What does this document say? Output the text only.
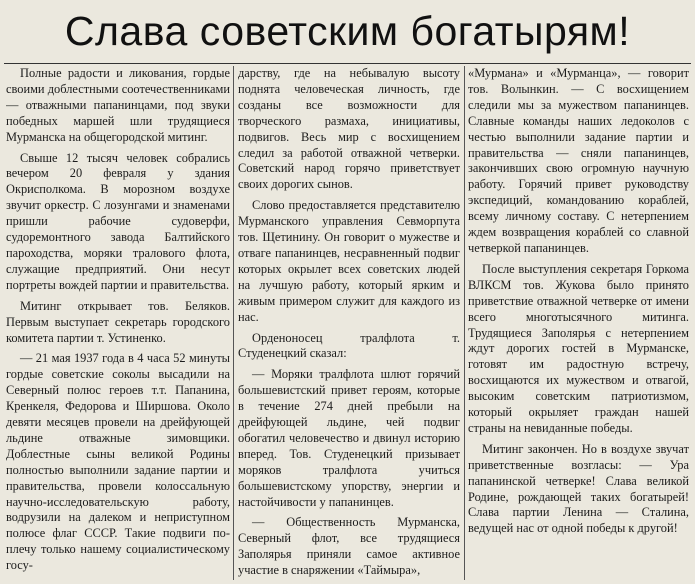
Слава советским богатырям!

Полные радости и ликования, гордые своими доблестными соотечественниками — отважными папанинцами, под звуки победных маршей шли трудящиеся Мурманска на общегородской митинг.

Свыше 12 тысяч человек собрались вечером 20 февраля у здания Окрисполкома. В морозном воздухе звучит оркестр. С лозунгами и знаменами пришли рабочие судоверфи, судоремонтного завода Балтийского пароходства, моряки тралового флота, служащие предприятий. Они несут портреты вождей партии и правительства.

Митинг открывает тов. Беляков. Первым выступает секретарь городского комитета партии т. Устиненко.

— 21 мая 1937 года в 4 часа 52 минуты гордые советские соколы высадили на Северный полюс героев т.т. Папанина, Кренкеля, Федорова и Ширшова. Около девяти месяцев провели на дрейфующей льдине отважные зимовщики. Доблестные сыны великой Родины полностью выполнили задание партии и правительства, провели колоссальную научно-исследовательскую работу, водрузили на далеком и неприступном полюсе флаг СССР. Такие подвиги по-плечу только нашему социалистическому госу-

дарству, где на небывалую высоту поднята человеческая личность, где созданы все возможности для творческого размаха, инициативы, подвигов. Весь мир с восхищением следил за работой отважной четверки. Советский народ горячо приветствует своих дорогих сынов.

Слово предоставляется представителю Мурманского управления Севморпута тов. Щетинину. Он говорит о мужестве и отваге папанинцев, несравненный подвиг которых окрылет всех советских людей на лучшую работу, который ярким и живым примером служит для каждого из нас.

Орденоносец тралфлота т. Студенецкий сказал:

— Моряки тралфлота шлют горячий большевистский привет героям, которые в течение 274 дней пребыли на дрейфующей льдине, чей подвиг обогатил человечество и двинул историю вперед. Тов. Студенецкий призывает моряков тралфлота учиться большевистскому упорству, энергии и настойчивости у папанинцев.

— Общественность Мурманска, Северный флот, все трудящиеся Заполярья приняли самое активное участие в снаряжении «Таймыра»,

«Мурмана» и «Мурманца», — говорит тов. Волынкин. — С восхищением следили мы за мужеством папанинцев. Славные команды наших ледоколов с честью выполнили задание партии и правительства — сняли папанинцев, закончивших свою огромную научную работу. Горячий привет руководству экспедиций, командованию кораблей, всему личному составу. С нетерпением ждем возвращения кораблей со славной четверкой папанинцев.

После выступления секретаря Горкома ВЛКСМ тов. Жукова было принято приветствие отважной четверке от имени всего многотысячного митинга. Трудящиеся Заполярья с нетерпением ждут дорогих гостей в Мурманске, готовят им радостную встречу, восхищаются их мужеством и отвагой, высоким советским патриотизмом, который окрыляет граждан нашей страны на невиданные победы.

Митинг закончен. Но в воздухе звучат приветственные возгласы: — Ура папанинской четверке! Слава великой Родине, рождающей таких богатырей! Слава партии Ленина — Сталина, ведущей нас от одной победы к другой!
